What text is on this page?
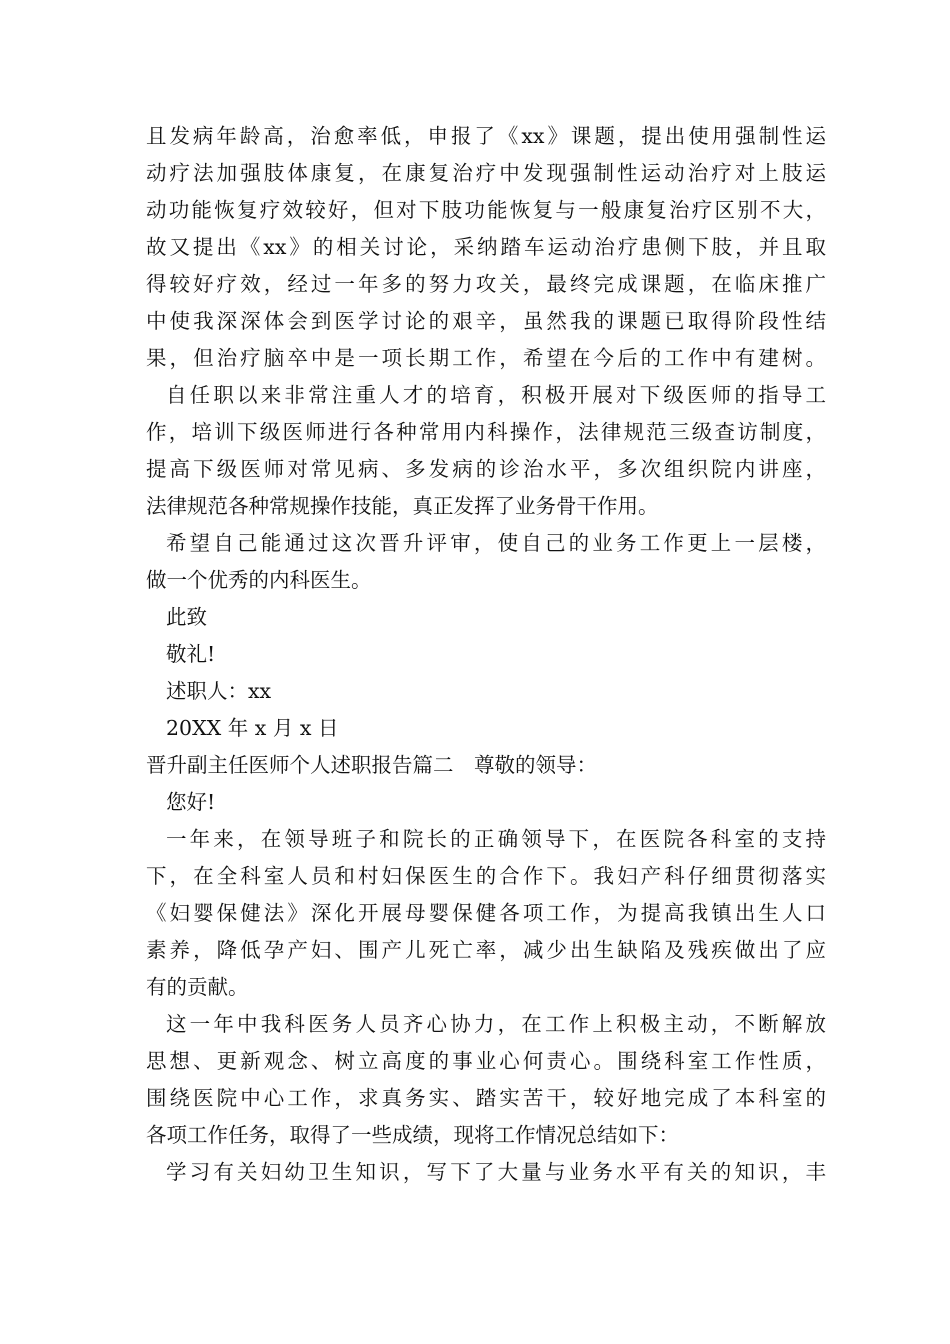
且发病年龄高，治愈率低，申报了《xx》课题，提出使用强制性运
动疗法加强肢体康复，在康复治疗中发现强制性运动治疗对上肢运
动功能恢复疗效较好，但对下肢功能恢复与一般康复治疗区别不大，
故又提出《xx》的相关讨论，采纳踏车运动治疗患侧下肢，并且取
得较好疗效，经过一年多的努力攻关，最终完成课题，在临床推广
中使我深深体会到医学讨论的艰辛，虽然我的课题已取得阶段性结
果，但治疗脑卒中是一项长期工作，希望在今后的工作中有建树。
自任职以来非常注重人才的培育，积极开展对下级医师的指导工
作，培训下级医师进行各种常用内科操作，法律规范三级查访制度，
提高下级医师对常见病、多发病的诊治水平，多次组织院内讲座，
法律规范各种常规操作技能，真正发挥了业务骨干作用。
希望自己能通过这次晋升评审，使自己的业务工作更上一层楼，
做一个优秀的内科医生。
此致
敬礼!
述职人：xx
20XX 年 x 月 x 日
晋升副主任医师个人述职报告篇二　尊敬的领导：
您好!
一年来，在领导班子和院长的正确领导下，在医院各科室的支持
下，在全科室人员和村妇保医生的合作下。我妇产科仔细贯彻落实
《妇婴保健法》深化开展母婴保健各项工作，为提高我镇出生人口
素养，降低孕产妇、围产儿死亡率，减少出生缺陷及残疾做出了应
有的贡献。
这一年中我科医务人员齐心协力，在工作上积极主动，不断解放
思想、更新观念、树立高度的事业心何责心。围绕科室工作性质，
围绕医院中心工作，求真务实、踏实苦干，较好地完成了本科室的
各项工作任务，取得了一些成绩，现将工作情况总结如下：
学习有关妇幼卫生知识，写下了大量与业务水平有关的知识，丰
